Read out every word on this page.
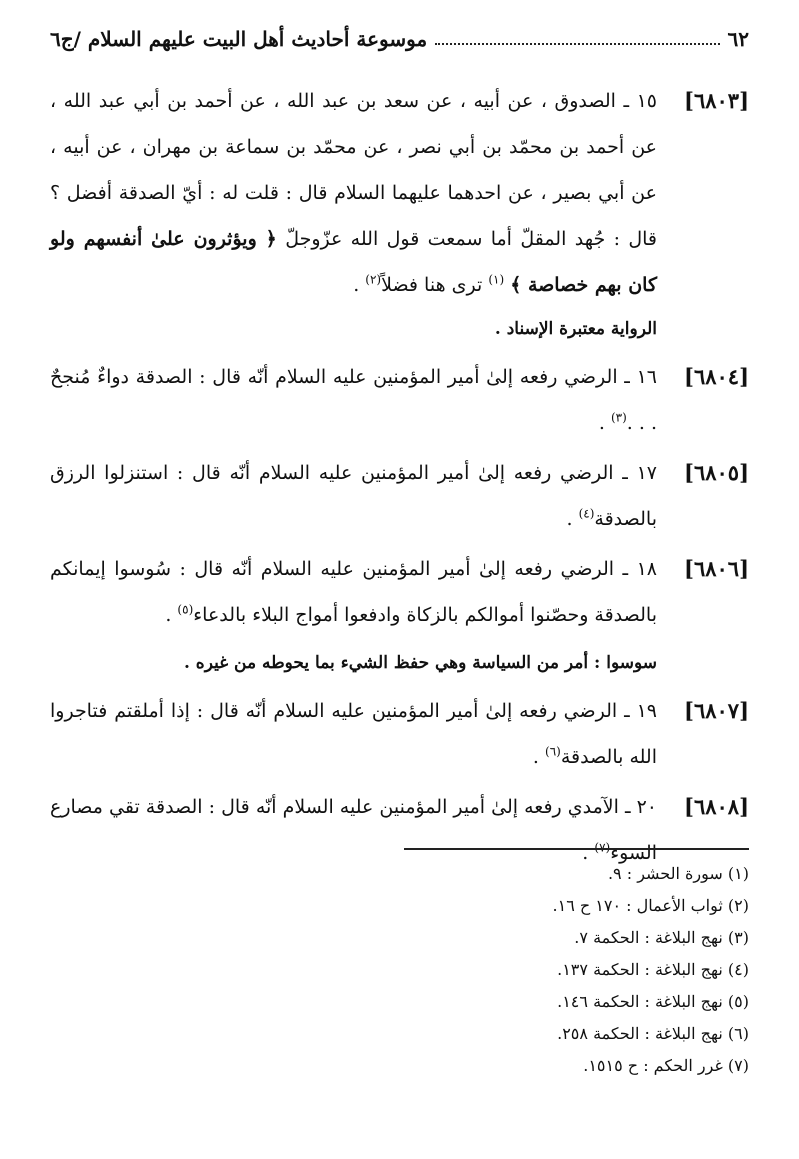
٦٢
موسوعة أحاديث أهل البيت عليهم السلام /ج٦
[٦٨٠٣]
١٥ ـ الصدوق ، عن أبيه ، عن سعد بن عبد الله ، عن أحمد بن أبي عبد الله ، عن أحمد بن محمّد بن أبي نصر ، عن محمّد بن سماعة بن مهران ، عن أبيه ، عن أبي بصير ، عن احدهما عليهما السلام قال : قلت له : أيّ الصدقة أفضل ؟ قال : جُهد المقلّ أما سمعت قول الله عزّوجلّ ﴿ ويؤثرون علىٰ أنفسهم ولو كان بهم خصاصة ﴾ $^{(١)}$ ترى هنا فضلاً$^{(٢)}$ .
الرواية معتبرة الإسناد .
[٦٨٠٤]
١٦ ـ الرضي رفعه إلىٰ أمير المؤمنين عليه السلام أنّه قال : الصدقة دواءٌ مُنجحٌ . . .$^{(٣)}$ .
[٦٨٠٥]
١٧ ـ الرضي رفعه إلىٰ أمير المؤمنين عليه السلام أنّه قال : استنزلوا الرزق بالصدقة$^{(٤)}$ .
[٦٨٠٦]
١٨ ـ الرضي رفعه إلىٰ أمير المؤمنين عليه السلام أنّه قال : سُوسوا إيمانكم بالصدقة وحصّنوا أموالكم بالزكاة وادفعوا أمواج البلاء بالدعاء$^{(٥)}$ .
سوسوا : أمر من السياسة وهي حفظ الشيء بما يحوطه من غيره .
[٦٨٠٧]
١٩ ـ الرضي رفعه إلىٰ أمير المؤمنين عليه السلام أنّه قال : إذا أملقتم فتاجروا الله بالصدقة$^{(٦)}$ .
[٦٨٠٨]
٢٠ ـ الآمدي رفعه إلىٰ أمير المؤمنين عليه السلام أنّه قال : الصدقة تقي مصارع السوء$^{(٧)}$ .
(١) سورة الحشر : ٩.
(٢) ثواب الأعمال : ١٧٠ ح ١٦.
(٣) نهج البلاغة : الحكمة ٧.
(٤) نهج البلاغة : الحكمة ١٣٧.
(٥) نهج البلاغة : الحكمة ١٤٦.
(٦) نهج البلاغة : الحكمة ٢٥٨.
(٧) غرر الحكم : ح ١٥١٥.
